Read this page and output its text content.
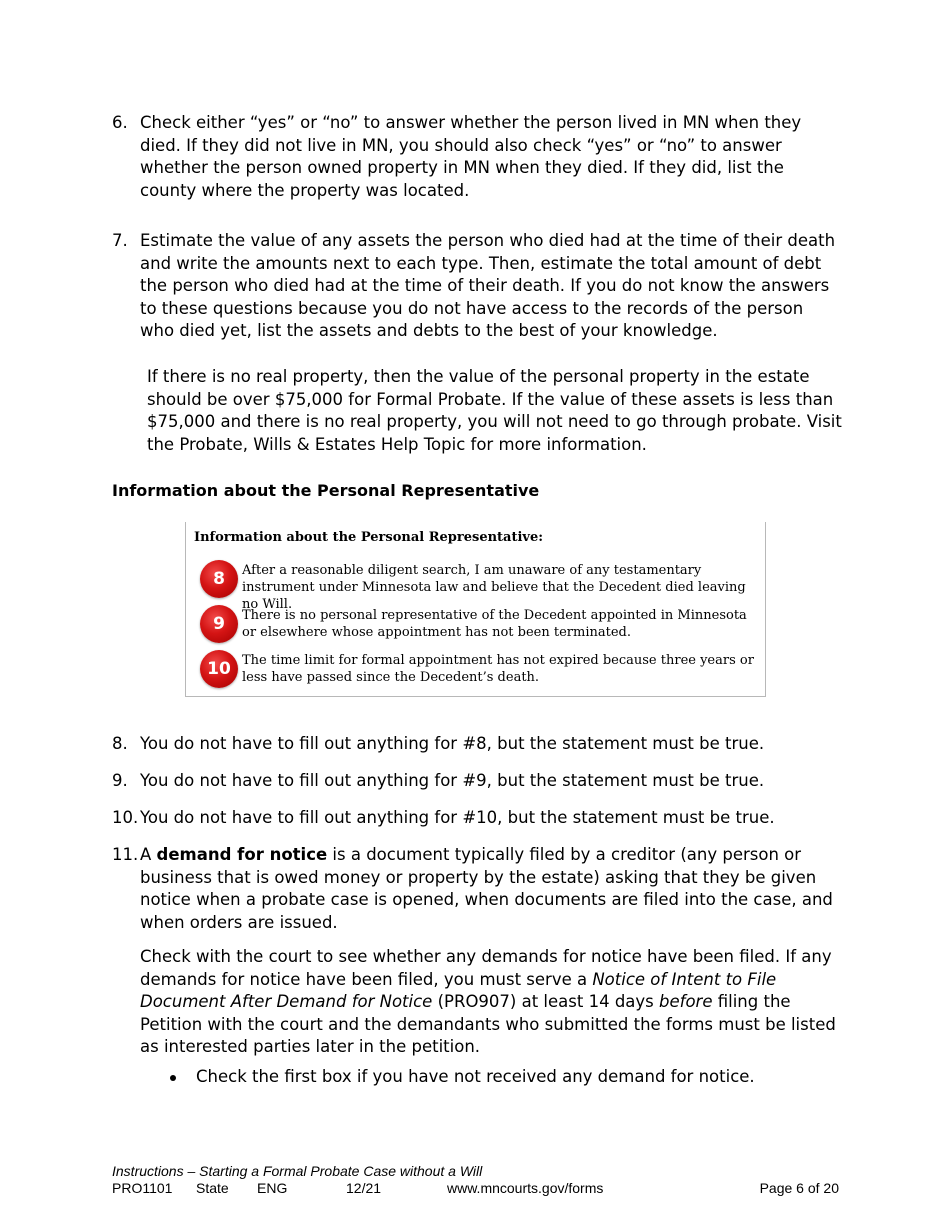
6. Check either “yes” or “no” to answer whether the person lived in MN when they died. If they did not live in MN, you should also check “yes” or “no” to answer whether the person owned property in MN when they died. If they did, list the county where the property was located.
7. Estimate the value of any assets the person who died had at the time of their death and write the amounts next to each type. Then, estimate the total amount of debt the person who died had at the time of their death. If you do not know the answers to these questions because you do not have access to the records of the person who died yet, list the assets and debts to the best of your knowledge.
If there is no real property, then the value of the personal property in the estate should be over $75,000 for Formal Probate. If the value of these assets is less than $75,000 and there is no real property, you will not need to go through probate. Visit the Probate, Wills & Estates Help Topic for more information.
Information about the Personal Representative
Information about the Personal Representative:
8	After a reasonable diligent search, I am unaware of any testamentary instrument under Minnesota law and believe that the Decedent died leaving no Will.
9	There is no personal representative of the Decedent appointed in Minnesota or elsewhere whose appointment has not been terminated.
10 The time limit for formal appointment has not expired because three years or less have passed since the Decedent’s death.
8. You do not have to fill out anything for #8, but the statement must be true.
9. You do not have to fill out anything for #9, but the statement must be true.
10. You do not have to fill out anything for #10, but the statement must be true.
11. A demand for notice is a document typically filed by a creditor (any person or business that is owed money or property by the estate) asking that they be given notice when a probate case is opened, when documents are filed into the case, and when orders are issued.
Check with the court to see whether any demands for notice have been filed. If any demands for notice have been filed, you must serve a Notice of Intent to File Document After Demand for Notice (PRO907) at least 14 days before filing the Petition with the court and the demandants who submitted the forms must be listed as interested parties later in the petition.
Check the first box if you have not received any demand for notice.
Instructions – Starting a Formal Probate Case without a Will
PRO1101 State ENG	12/21	www.mncourts.gov/forms	Page 6 of 20
